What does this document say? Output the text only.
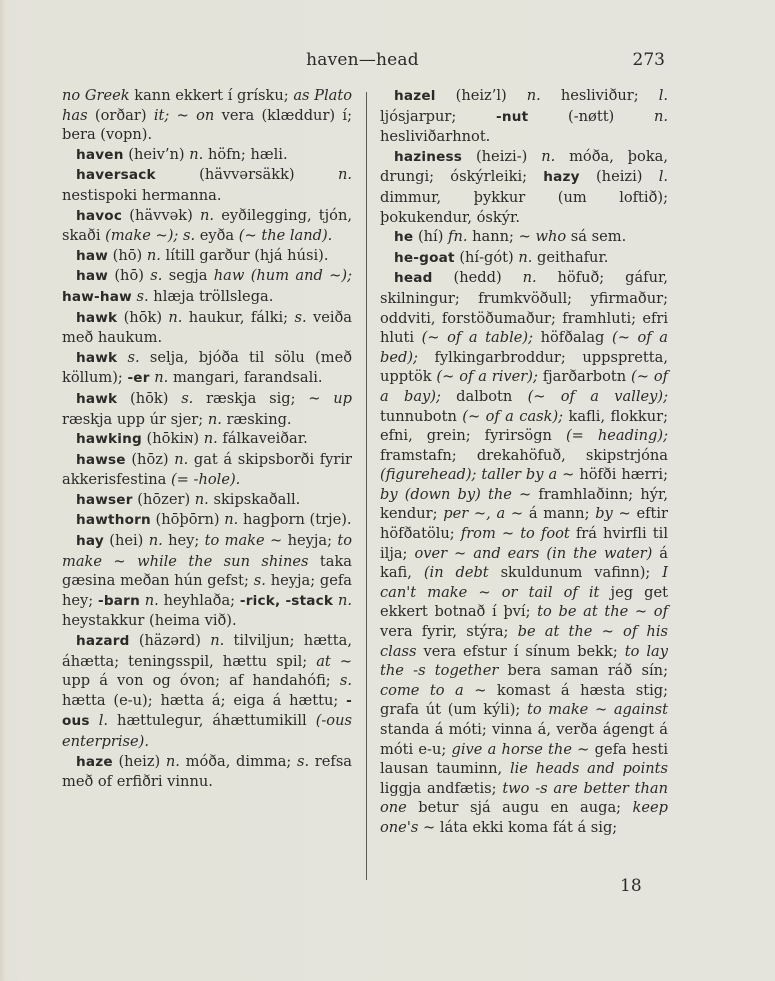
haven—head	273

no Greek kann ekkert í grísku; as Plato has (orðar) it; ~ on vera (klæddur) í; bera (vopn).

haven (heiv’n) n. höfn; hæli.

haversack (hävvərsäkk) n. nestispoki hermanna.

havoc (hävvək) n. eyðilegging, tjón, skaði (make ~); s. eyða (~ the land).

haw (hō) n. lítill garður (hjá húsi).

haw (hō) s. segja haw (hum and ~); haw-haw s. hlæja tröllslega.

hawk (hōk) n. haukur, fálki; s. veiða með haukum.

hawk s. selja, bjóða til sölu (með köllum); -er n. mangari, farandsali.

hawk (hōk) s. ræskja sig; ~ up ræskja upp úr sjer; n. ræsking.

hawking (hōkiɴ) n. fálkaveiðar.

hawse (hōz) n. gat á skipsborði fyrir akkerisfestina (= -hole).

hawser (hōzer) n. skipskaðall.

hawthorn (hōþōrn) n. hagþorn (trje).

hay (hei) n. hey; to make ~ heyja; to make ~ while the sun shines taka gæsina meðan hún gefst; s. heyja; gefa hey; -barn n. heyhlaða; -rick, -stack n. heystakkur (heima við).

hazard (häzərd) n. tilviljun; hætta, áhætta; teningsspil, hættu spil; at ~ upp á von og óvon; af handahófi; s. hætta (e-u); hætta á; eiga á hættu; -ous l. hættulegur, áhættumikill (-ous enterprise).

haze (heiz) n. móða, dimma; s. refsa með of erfiðri vinnu.

hazel (heiz’l) n. hesliviður; l. ljósjarpur; -nut (-nøtt) n. hesliviðarhnot.

haziness (heizi-) n. móða, þoka, drungi; óskýrleiki; hazy (heizi) l. dimmur, þykkur (um loftið); þokukendur, óskýr.

he (hí) fn. hann; ~ who sá sem.

he-goat (hí-gót) n. geithafur.

head (hedd) n. höfuð; gáfur, skilningur; frumkvöðull; yfirmaður; oddviti, forstöðumaður; framhluti; efri hluti (~ of a table); höfðalag (~ of a bed); fylkingarbroddur; uppspretta, upptök (~ of a river); fjarðarbotn (~ of a bay); dalbotn (~ of a valley); tunnubotn (~ of a cask); kafli, flokkur; efni, grein; fyrirsögn (= heading); framstafn; drekahöfuð, skipstrjóna (figurehead); taller by a ~ höfði hærri; by (down by) the ~ framhlaðinn; hýr, kendur; per ~, a ~ á mann; by ~ eftir höfðatölu; from ~ to foot frá hvirfli til ilja; over ~ and ears (in the water) á kafi, (in debt skuldunum vafinn); I can't make ~ or tail of it jeg get ekkert botnað í því; to be at the ~ of vera fyrir, stýra; be at the ~ of his class vera efstur í sínum bekk; to lay the -s together bera saman ráð sín; come to a ~ komast á hæsta stig; grafa út (um kýli); to make ~ against standa á móti; vinna á, verða ágengt á móti e-u; give a horse the ~ gefa hesti lausan tauminn, lie heads and points liggja andfætis; two -s are better than one betur sjá augu en auga; keep one's ~ láta ekki koma fát á sig;

18
